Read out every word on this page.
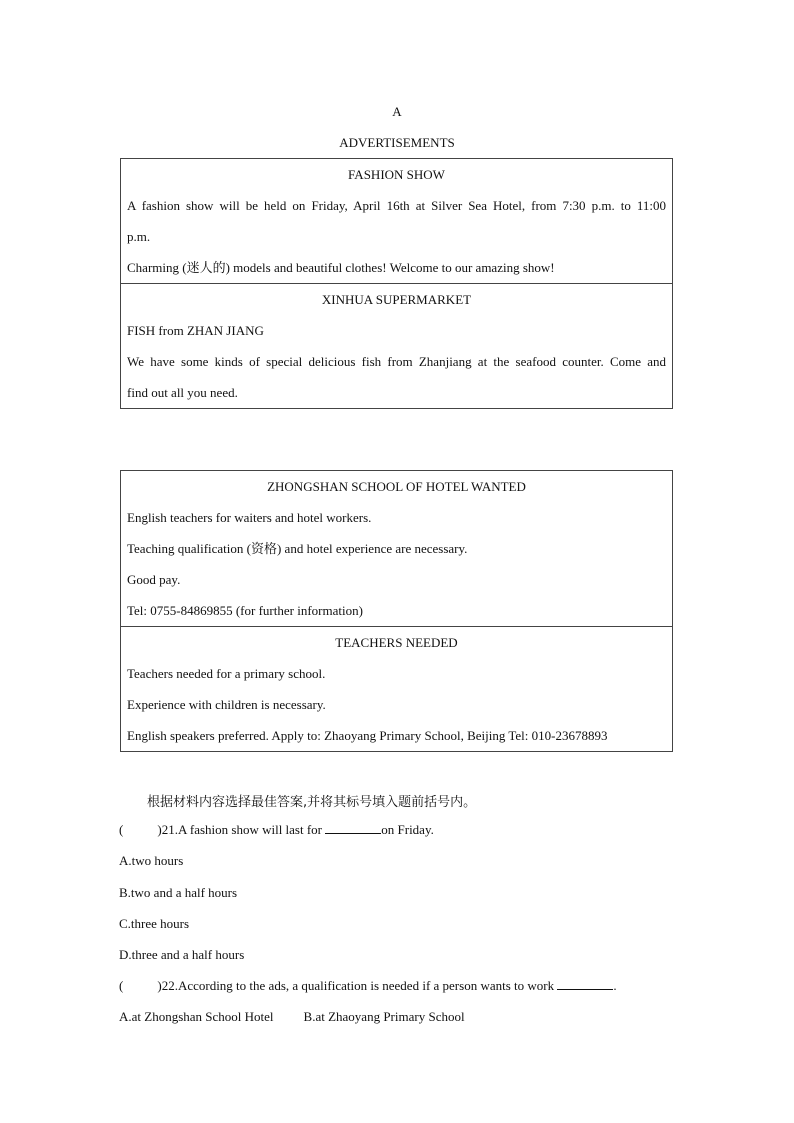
A
ADVERTISEMENTS
FASHION SHOW
A fashion show will be held on Friday, April 16th at Silver Sea Hotel, from 7:30 p.m. to 11:00
p.m.
Charming (迷人的) models and beautiful clothes! Welcome to our amazing show!
XINHUA SUPERMARKET
FISH from ZHAN JIANG
We have some kinds of special delicious fish from Zhanjiang at the seafood counter. Come and
find out all you need.
ZHONGSHAN SCHOOL OF HOTEL WANTED
English teachers for waiters and hotel workers.
Teaching qualification (资格) and hotel experience are necessary.
Good pay.
Tel: 0755-84869855 (for further information)
TEACHERS NEEDED
Teachers needed for a primary school.
Experience with children is necessary.
English speakers preferred. Apply to: Zhaoyang Primary School, Beijing Tel: 010-23678893
根据材料内容选择最佳答案,并将其标号填入题前括号内。
(	)21.A fashion show will last for	on Friday.
A.two hours
B.two and a half hours
C.three hours
D.three and a half hours
(	)22.According to the ads, a qualification is needed if a person wants to work	.
A.at Zhongshan School Hotel B.at Zhaoyang Primary School
